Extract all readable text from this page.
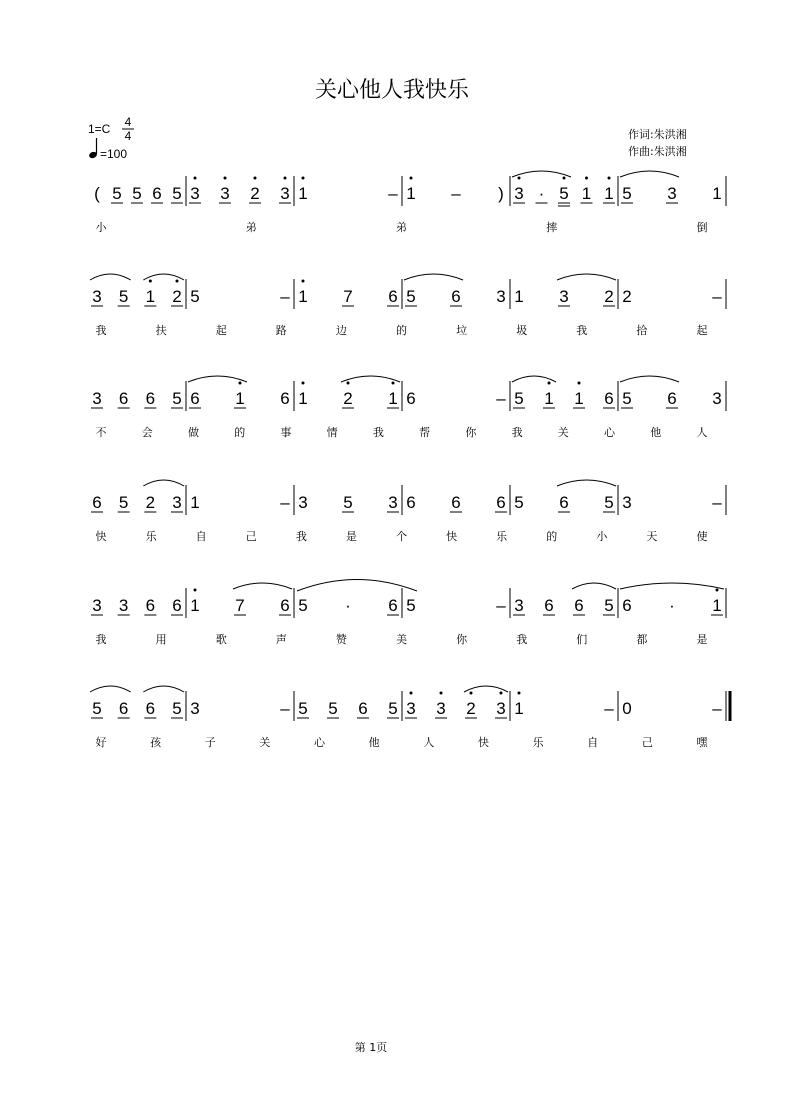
关心他人我快乐
1=C 4
4
=100
作词:朱洪湘
作曲:朱洪湘
( 5 5 6 5 3 3 2 3 1	– 1 – ) 3 · 5 1 1 5 3 1
小	弟	弟	摔	倒
3 5 1 2 5	– 1 7 6 5 6 3 1 3 2 2	–
我	扶	起	路	边	的	垃	圾	我	拾	起
3 6 6 5 6 1 6 1 2 1 6	– 5 1 1 6 5 6 3
不	会	做	的	事	情	我	帮	你	我	关	心	他	人
6 5 2 3 1	– 3 5 3 6 6 6 5 6 5 3	–
快	乐	自	己	我	是	个	快	乐	的	小	天	使
3 3 6 6 1 7 6 5 · 6 5	– 3 6 6 5 6 · 1
我	用	歌	声	赞	美	你	我	们	都	是
5 6 6 5 3	– 5 5 6 5 3 3 2 3 1	– 0	–
好	孩	子	关	心	他	人	快	乐	自	己	嘿
第 1页
